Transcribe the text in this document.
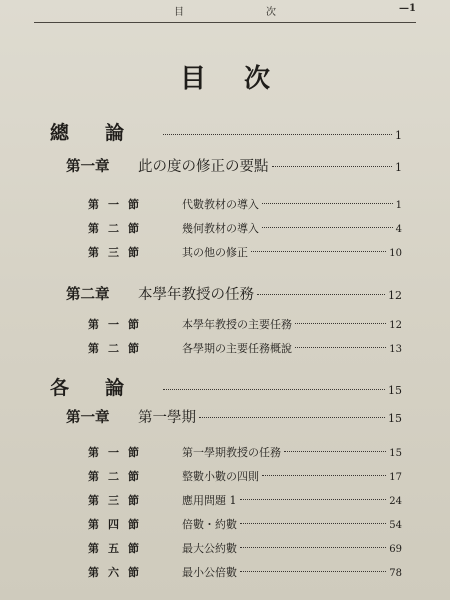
目	次	—1
目次
總論	1
第一章	此の度の修正の要點	1
第一節	代數教材の導入	1
第二節	幾何教材の導入	4
第三節	其の他の修正	10
第二章	本學年教授の任務	12
第一節	本學年教授の主要任務	12
第二節	各學期の主要任務概說	13
各論	15
第一章	第一學期	15
第一節	第一學期教授の任務	15
第二節	整數小數の四則	17
第三節	應用問題 1	24
第四節	倍數・約數	54
第五節	最大公約數	69
第六節	最小公倍數	78
